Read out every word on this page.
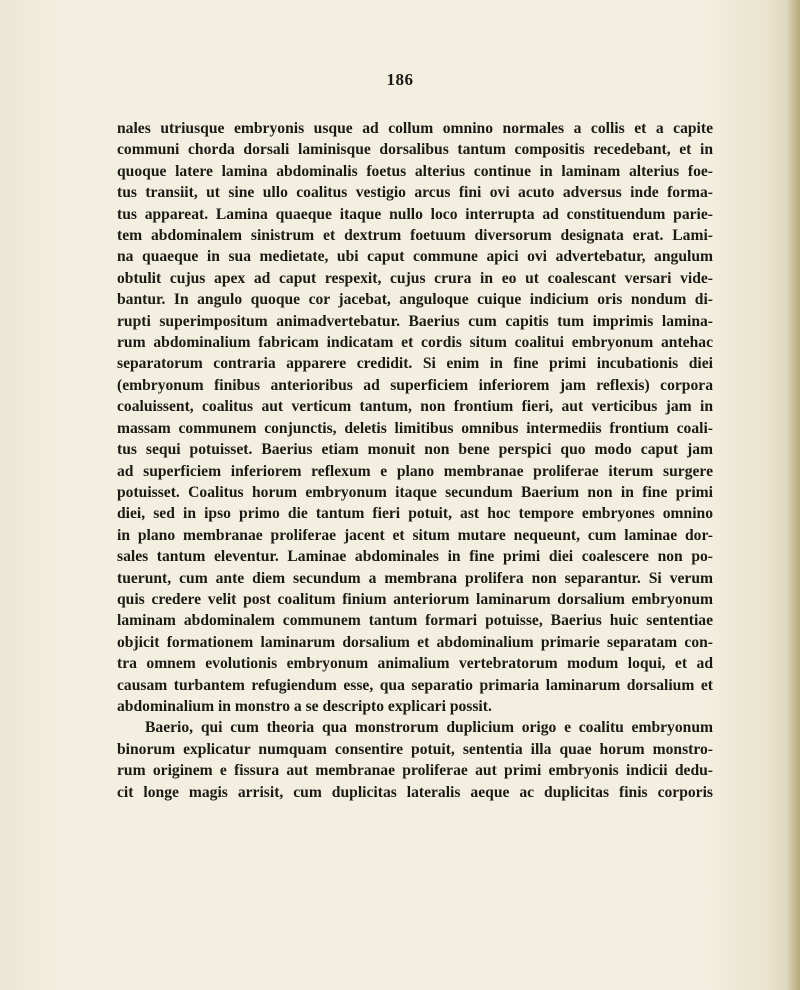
186
nales utriusque embryonis usque ad collum omnino normales a collis et a capite
communi chorda dorsali laminisque dorsalibus tantum compositis recedebant, et in
quoque latere lamina abdominalis foetus alterius continue in laminam alterius foe-
tus transiit, ut sine ullo coalitus vestigio arcus fini ovi acuto adversus inde forma-
tus appareat. Lamina quaeque itaque nullo loco interrupta ad constituendum parie-
tem abdominalem sinistrum et dextrum foetuum diversorum designata erat. Lami-
na quaeque in sua medietate, ubi caput commune apici ovi advertebatur, angulum
obtulit cujus apex ad caput respexit, cujus crura in eo ut coalescant versari vide-
bantur. In angulo quoque cor jacebat, anguloque cuique indicium oris nondum di-
rupti superimpositum animadvertebatur. Baerius cum capitis tum imprimis lamina-
rum abdominalium fabricam indicatam et cordis situm coalitui embryonum antehac
separatorum contraria apparere credidit. Si enim in fine primi incubationis diei
(embryonum finibus anterioribus ad superficiem inferiorem jam reflexis) corpora
coaluissent, coalitus aut verticum tantum, non frontium fieri, aut verticibus jam in
massam communem conjunctis, deletis limitibus omnibus intermediis frontium coali-
tus sequi potuisset. Baerius etiam monuit non bene perspici quo modo caput jam
ad superficiem inferiorem reflexum e plano membranae proliferae iterum surgere
potuisset. Coalitus horum embryonum itaque secundum Baerium non in fine primi
diei, sed in ipso primo die tantum fieri potuit, ast hoc tempore embryones omnino
in plano membranae proliferae jacent et situm mutare nequeunt, cum laminae dor-
sales tantum eleventur. Laminae abdominales in fine primi diei coalescere non po-
tuerunt, cum ante diem secundum a membrana prolifera non separantur. Si verum
quis credere velit post coalitum finium anteriorum laminarum dorsalium embryonum
laminam abdominalem communem tantum formari potuisse, Baerius huic sententiae
objicit formationem laminarum dorsalium et abdominalium primarie separatam con-
tra omnem evolutionis embryonum animalium vertebratorum modum loqui, et ad
causam turbantem refugiendum esse, qua separatio primaria laminarum dorsalium et
abdominalium in monstro a se descripto explicari possit.
Baerio, qui cum theoria qua monstrorum duplicium origo e coalitu embryonum
binorum explicatur numquam consentire potuit, sententia illa quae horum monstro-
rum originem e fissura aut membranae proliferae aut primi embryonis indicii dedu-
cit longe magis arrisit, cum duplicitas lateralis aeque ac duplicitas finis corporis
